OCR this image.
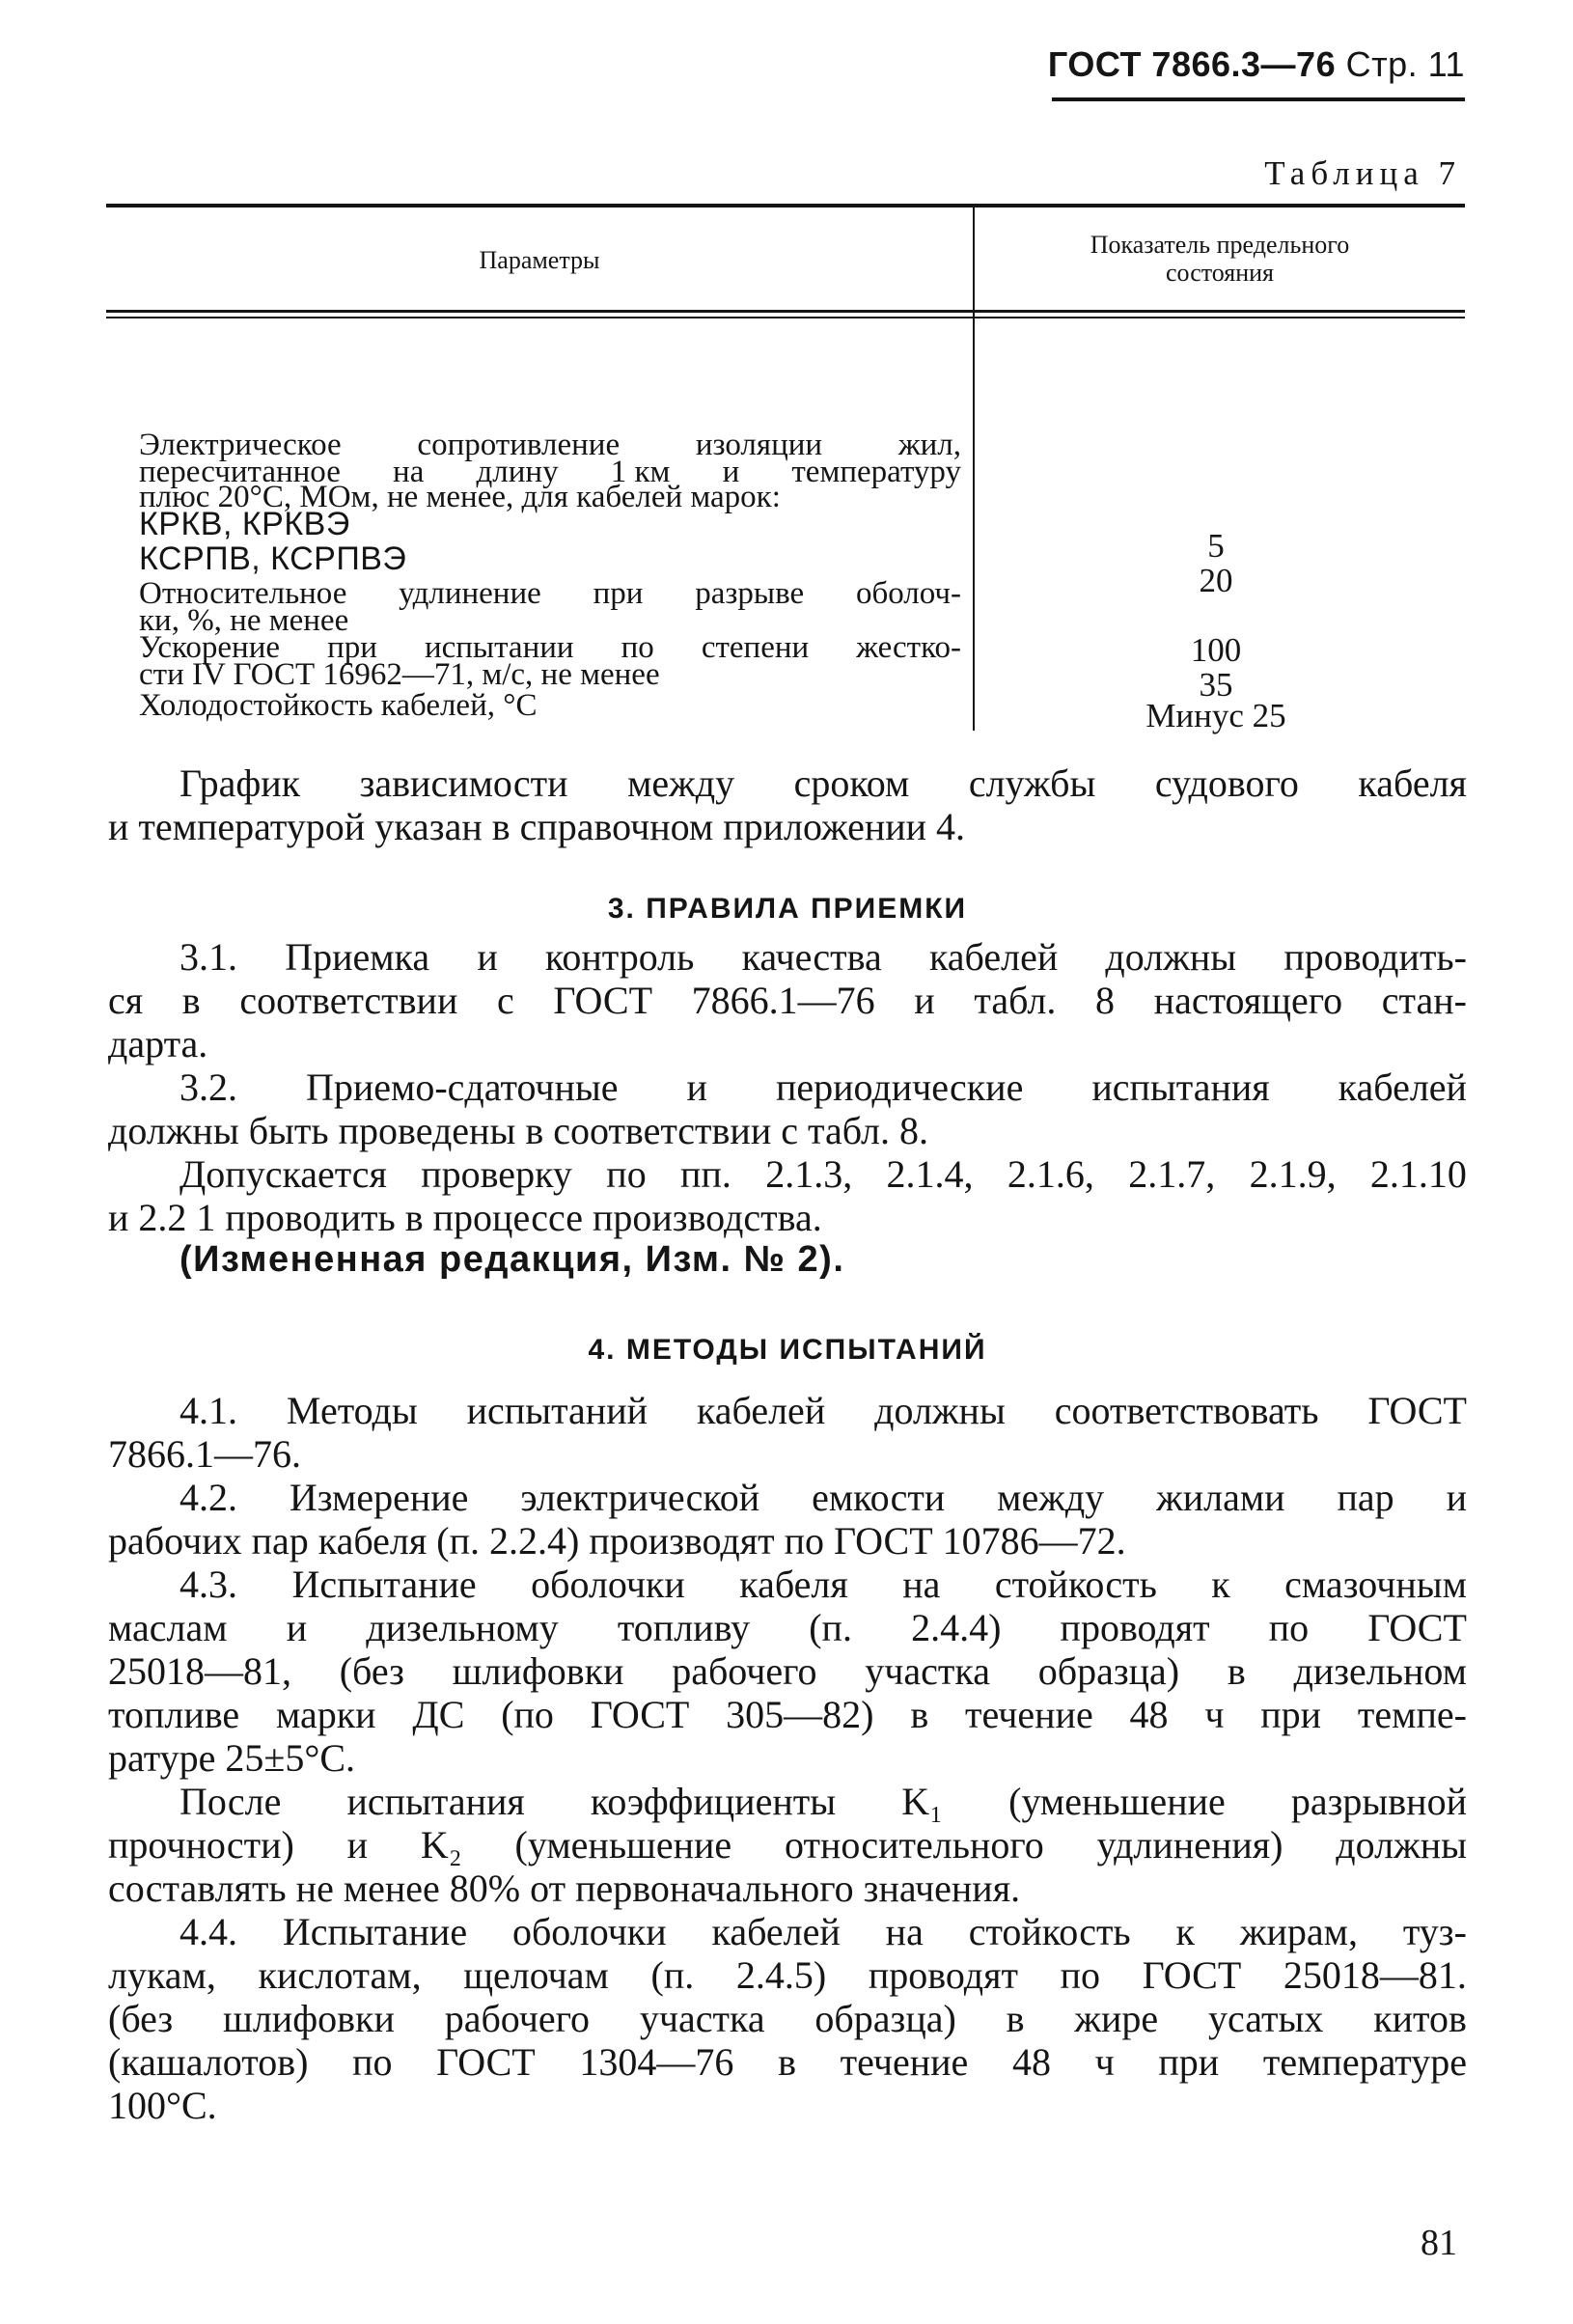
ГОСТ 7866.3—76 Стр. 11
Таблица 7
Параметры
Показатель предельного
состояния
Электрическое сопротивление изоляции жил,
пересчитанное на длину 1 км и температуру
плюс 20°С, МОм, не менее, для кабелей марок:
КРКВ, КРКВЭ
КСРПВ, КСРПВЭ
Относительное удлинение при разрыве оболоч-
ки, %, не менее
Ускорение при испытании по степени жестко-
сти IV ГОСТ 16962—71, м/с, не менее
Холодостойкость кабелей, °С
5
20
100
35
Минус 25
График зависимости между сроком службы судового кабеля
и температурой указан в справочном приложении 4.
3. ПРАВИЛА ПРИЕМКИ
3.1. Приемка и контроль качества кабелей должны проводить-
ся в соответствии с ГОСТ 7866.1—76 и табл. 8 настоящего стан-
дарта.
3.2. Приемо-сдаточные и периодические испытания кабелей
должны быть проведены в соответствии с табл. 8.
Допускается проверку по пп. 2.1.3, 2.1.4, 2.1.6, 2.1.7, 2.1.9, 2.1.10
и 2.2 1 проводить в процессе производства.
(Измененная редакция, Изм. № 2).
4. МЕТОДЫ ИСПЫТАНИЙ
4.1. Методы испытаний кабелей должны соответствовать ГОСТ
7866.1—76.
4.2. Измерение электрической емкости между жилами пар и
рабочих пар кабеля (п. 2.2.4) производят по ГОСТ 10786—72.
4.3. Испытание оболочки кабеля на стойкость к смазочным
маслам и дизельному топливу (п. 2.4.4) проводят по ГОСТ
25018—81, (без шлифовки рабочего участка образца) в дизельном
топливе марки ДС (по ГОСТ 305—82) в течение 48 ч при темпе-
ратуре 25±5°С.
После испытания коэффициенты K₁ (уменьшение разрывной
прочности) и K₂ (уменьшение относительного удлинения) должны
составлять не менее 80% от первоначального значения.
4.4. Испытание оболочки кабелей на стойкость к жирам, туз-
лукам, кислотам, щелочам (п. 2.4.5) проводят по ГОСТ 25018—81.
(без шлифовки рабочего участка образца) в жире усатых китов
(кашалотов) по ГОСТ 1304—76 в течение 48 ч при температуре
100°С.
81
